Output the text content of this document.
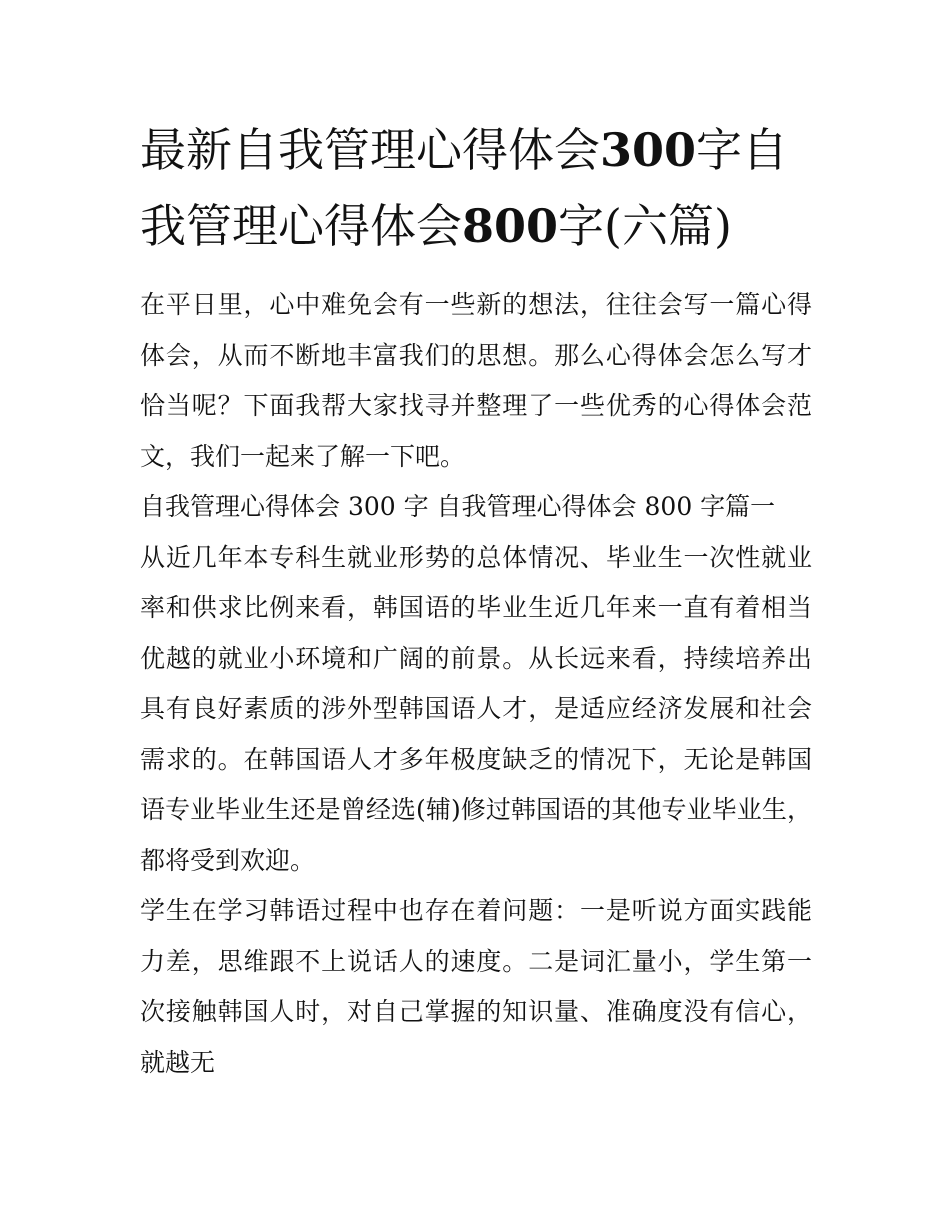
最新自我管理心得体会300字自我管理心得体会800字(六篇)

在平日里，心中难免会有一些新的想法，往往会写一篇心得体会，从而不断地丰富我们的思想。那么心得体会怎么写才恰当呢？下面我帮大家找寻并整理了一些优秀的心得体会范文，我们一起来了解一下吧。

自我管理心得体会 300 字 自我管理心得体会 800 字篇一

从近几年本专科生就业形势的总体情况、毕业生一次性就业率和供求比例来看，韩国语的毕业生近几年来一直有着相当优越的就业小环境和广阔的前景。从长远来看，持续培养出具有良好素质的涉外型韩国语人才，是适应经济发展和社会需求的。在韩国语人才多年极度缺乏的情况下，无论是韩国语专业毕业生还是曾经选(辅)修过韩国语的其他专业毕业生，都将受到欢迎。

学生在学习韩语过程中也存在着问题：一是听说方面实践能力差，思维跟不上说话人的速度。二是词汇量小，学生第一次接触韩国人时，对自己掌握的知识量、准确度没有信心，就越无
